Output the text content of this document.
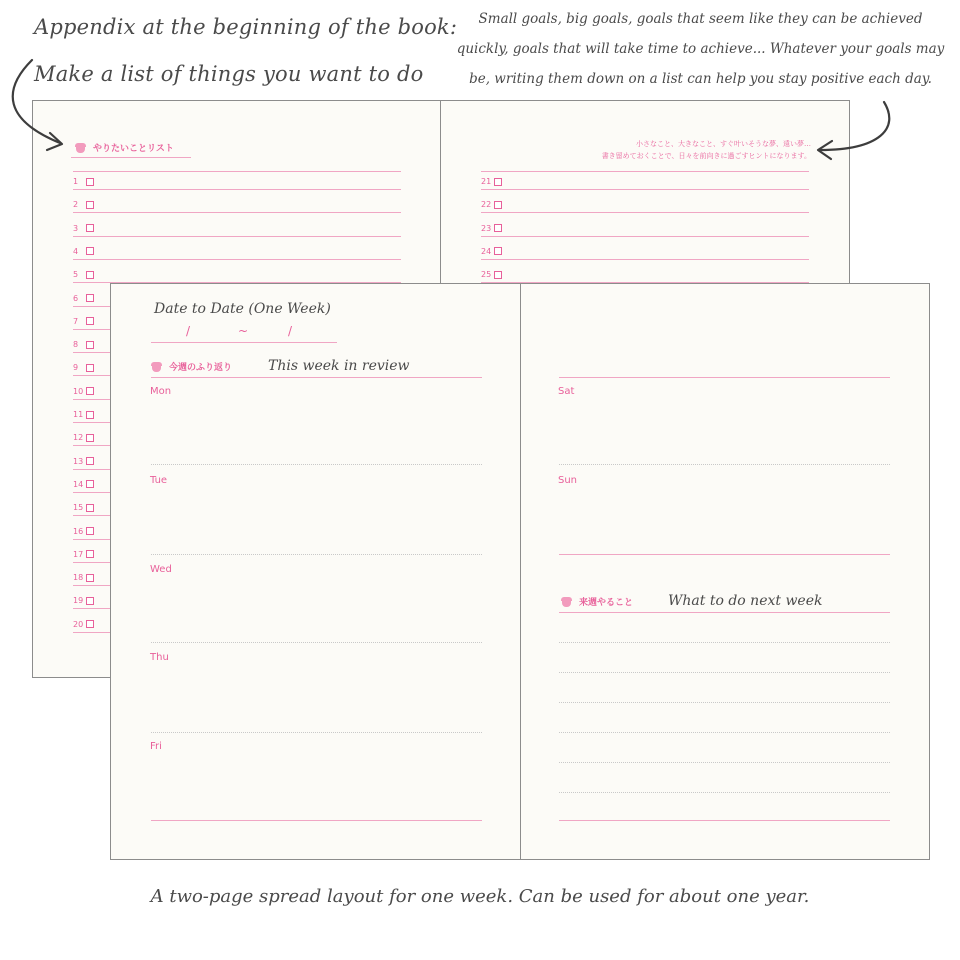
Appendix at the beginning of the book:
Make a list of things you want to do
Small goals, big goals, goals that seem like they can be achieved
quickly, goals that will take time to achieve... Whatever your goals may
be, writing them down on a list can help you stay positive each day.
やりたいことリスト
1
2
3
4
5
6
7
8
9
10
11
12
13
14
15
16
17
18
19
20
小さなこと、大きなこと、すぐ叶いそうな夢、遠い夢…
書き留めておくことで、日々を前向きに過ごすヒントになります。
21
22
23
24
25
Date to Date (One Week)
/	~	/
今週のふり返り	This week in review
Mon
Tue
Wed
Thu
Fri
Sat
Sun
来週やること What to do next week
A two-page spread layout for one week. Can be used for about one year.
